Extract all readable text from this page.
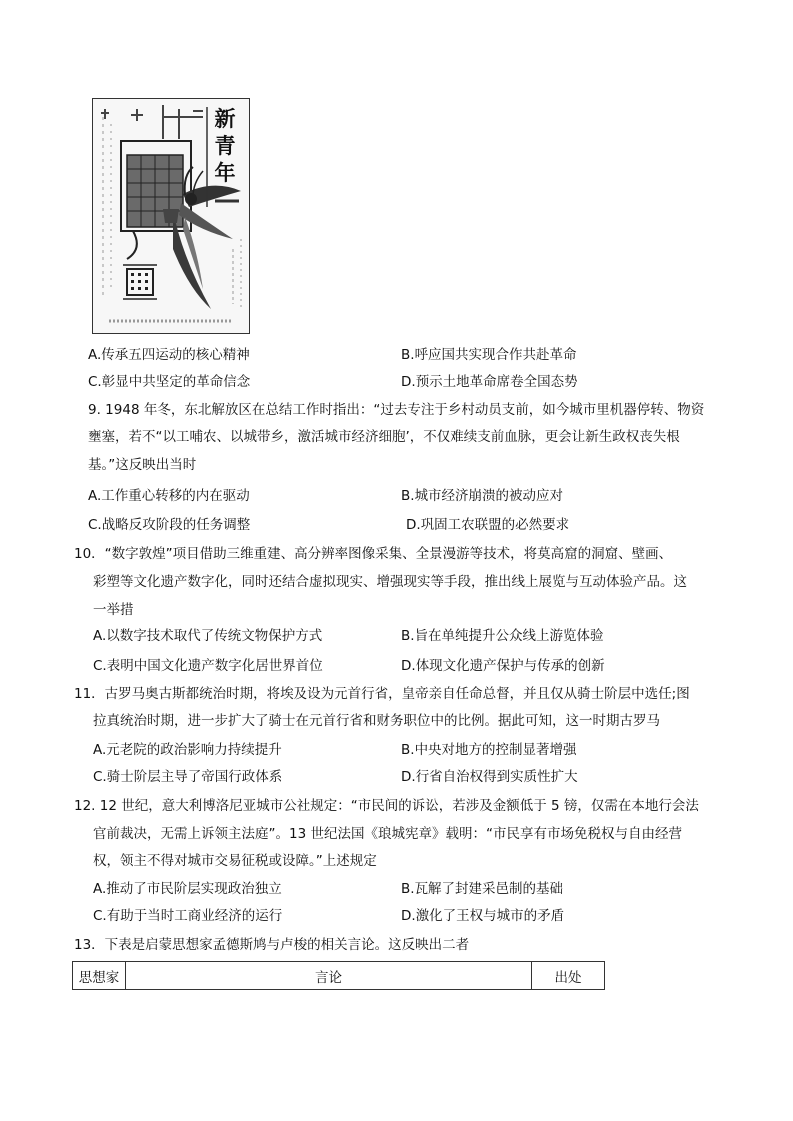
新青年
A.传承五四运动的核心精神	B.呼应国共实现合作共赴革命
C.彰显中共坚定的革命信念	D.预示土地革命席卷全国态势
9. 1948 年冬，东北解放区在总结工作时指出：“过去专注于乡村动员支前，如今城市里机器停转、物资
壅塞，若不“以工哺农、以城带乡，激活城市经济细胞’，不仅难续支前血脉，更会让新生政权丧失根
基。”这反映出当时
A.工作重心转移的内在驱动	B.城市经济崩溃的被动应对
C.战略反攻阶段的任务调整	D.巩固工农联盟的必然要求
10．“数字敦煌”项目借助三维重建、高分辨率图像采集、全景漫游等技术，将莫高窟的洞窟、壁画、
彩塑等文化遗产数字化，同时还结合虚拟现实、增强现实等手段，推出线上展览与互动体验产品。这
一举措
A.以数字技术取代了传统文物保护方式	B.旨在单纯提升公众线上游览体验
C.表明中国文化遗产数字化居世界首位	D.体现文化遗产保护与传承的创新
11．古罗马奥古斯都统治时期，将埃及设为元首行省，皇帝亲自任命总督，并且仅从骑士阶层中选任;图
拉真统治时期，进一步扩大了骑士在元首行省和财务职位中的比例。据此可知，这一时期古罗马
A.元老院的政治影响力持续提升	B.中央对地方的控制显著增强
C.骑士阶层主导了帝国行政体系	D.行省自治权得到实质性扩大
12. 12 世纪，意大利博洛尼亚城市公社规定：“市民间的诉讼，若涉及金额低于 5 镑，仅需在本地行会法
官前裁决，无需上诉领主法庭”。13 世纪法国《琅城宪章》载明：“市民享有市场免税权与自由经营
权，领主不得对城市交易征税或设障。”上述规定
A.推动了市民阶层实现政治独立	B.瓦解了封建采邑制的基础
C.有助于当时工商业经济的运行	D.激化了王权与城市的矛盾
13．下表是启蒙思想家孟德斯鸠与卢梭的相关言论。这反映出二者
思想家	言论	出处
